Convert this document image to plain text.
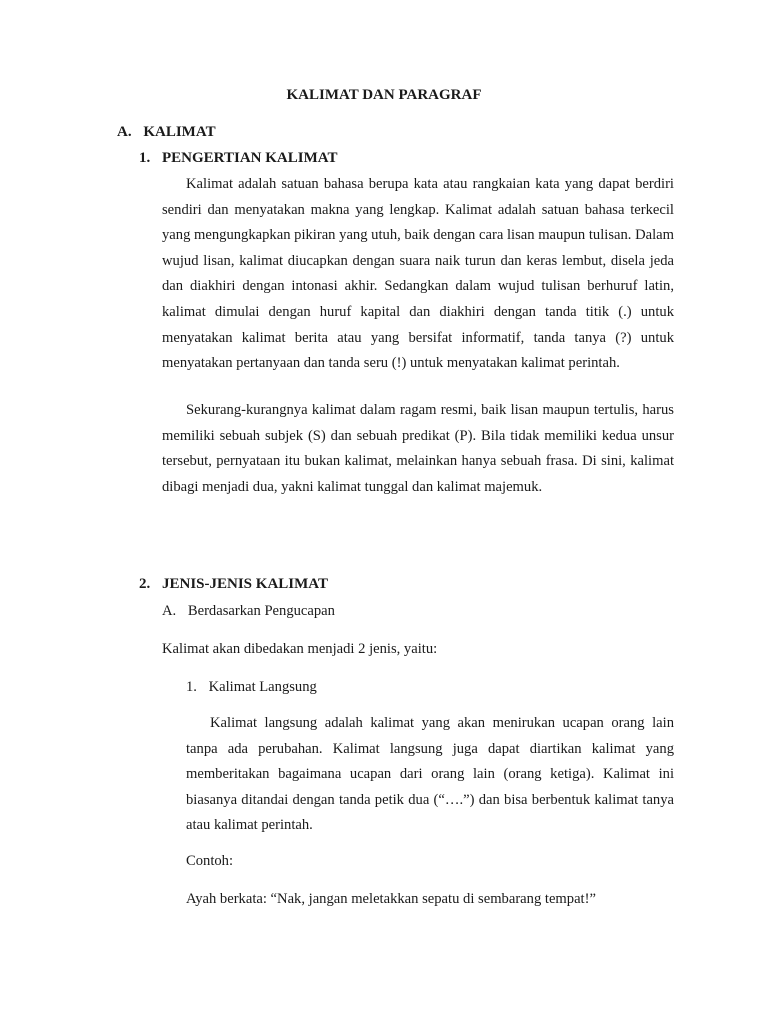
KALIMAT DAN PARAGRAF
A. KALIMAT
1. PENGERTIAN KALIMAT

Kalimat adalah satuan bahasa berupa kata atau rangkaian kata yang dapat berdiri sendiri dan menyatakan makna yang lengkap. Kalimat adalah satuan bahasa terkecil yang mengungkapkan pikiran yang utuh, baik dengan cara lisan maupun tulisan. Dalam wujud lisan, kalimat diucapkan dengan suara naik turun dan keras lembut, disela jeda dan diakhiri dengan intonasi akhir. Sedangkan dalam wujud tulisan berhuruf latin, kalimat dimulai dengan huruf kapital dan diakhiri dengan tanda titik (.) untuk menyatakan kalimat berita atau yang bersifat informatif, tanda tanya (?) untuk menyatakan pertanyaan dan tanda seru (!) untuk menyatakan kalimat perintah.

Sekurang-kurangnya kalimat dalam ragam resmi, baik lisan maupun tertulis, harus memiliki sebuah subjek (S) dan sebuah predikat (P). Bila tidak memiliki kedua unsur tersebut, pernyataan itu bukan kalimat, melainkan hanya sebuah frasa. Di sini, kalimat dibagi menjadi dua, yakni kalimat tunggal dan kalimat majemuk.

2. JENIS-JENIS KALIMAT
A. Berdasarkan Pengucapan
Kalimat akan dibedakan menjadi 2 jenis, yaitu:
1. Kalimat Langsung

Kalimat langsung adalah kalimat yang akan menirukan ucapan orang lain tanpa ada perubahan. Kalimat langsung juga dapat diartikan kalimat yang memberitakan bagaimana ucapan dari orang lain (orang ketiga). Kalimat ini biasanya ditandai dengan tanda petik dua (“….”) dan bisa berbentuk kalimat tanya atau kalimat perintah.

Contoh:
Ayah berkata: “Nak, jangan meletakkan sepatu di sembarang tempat!”
